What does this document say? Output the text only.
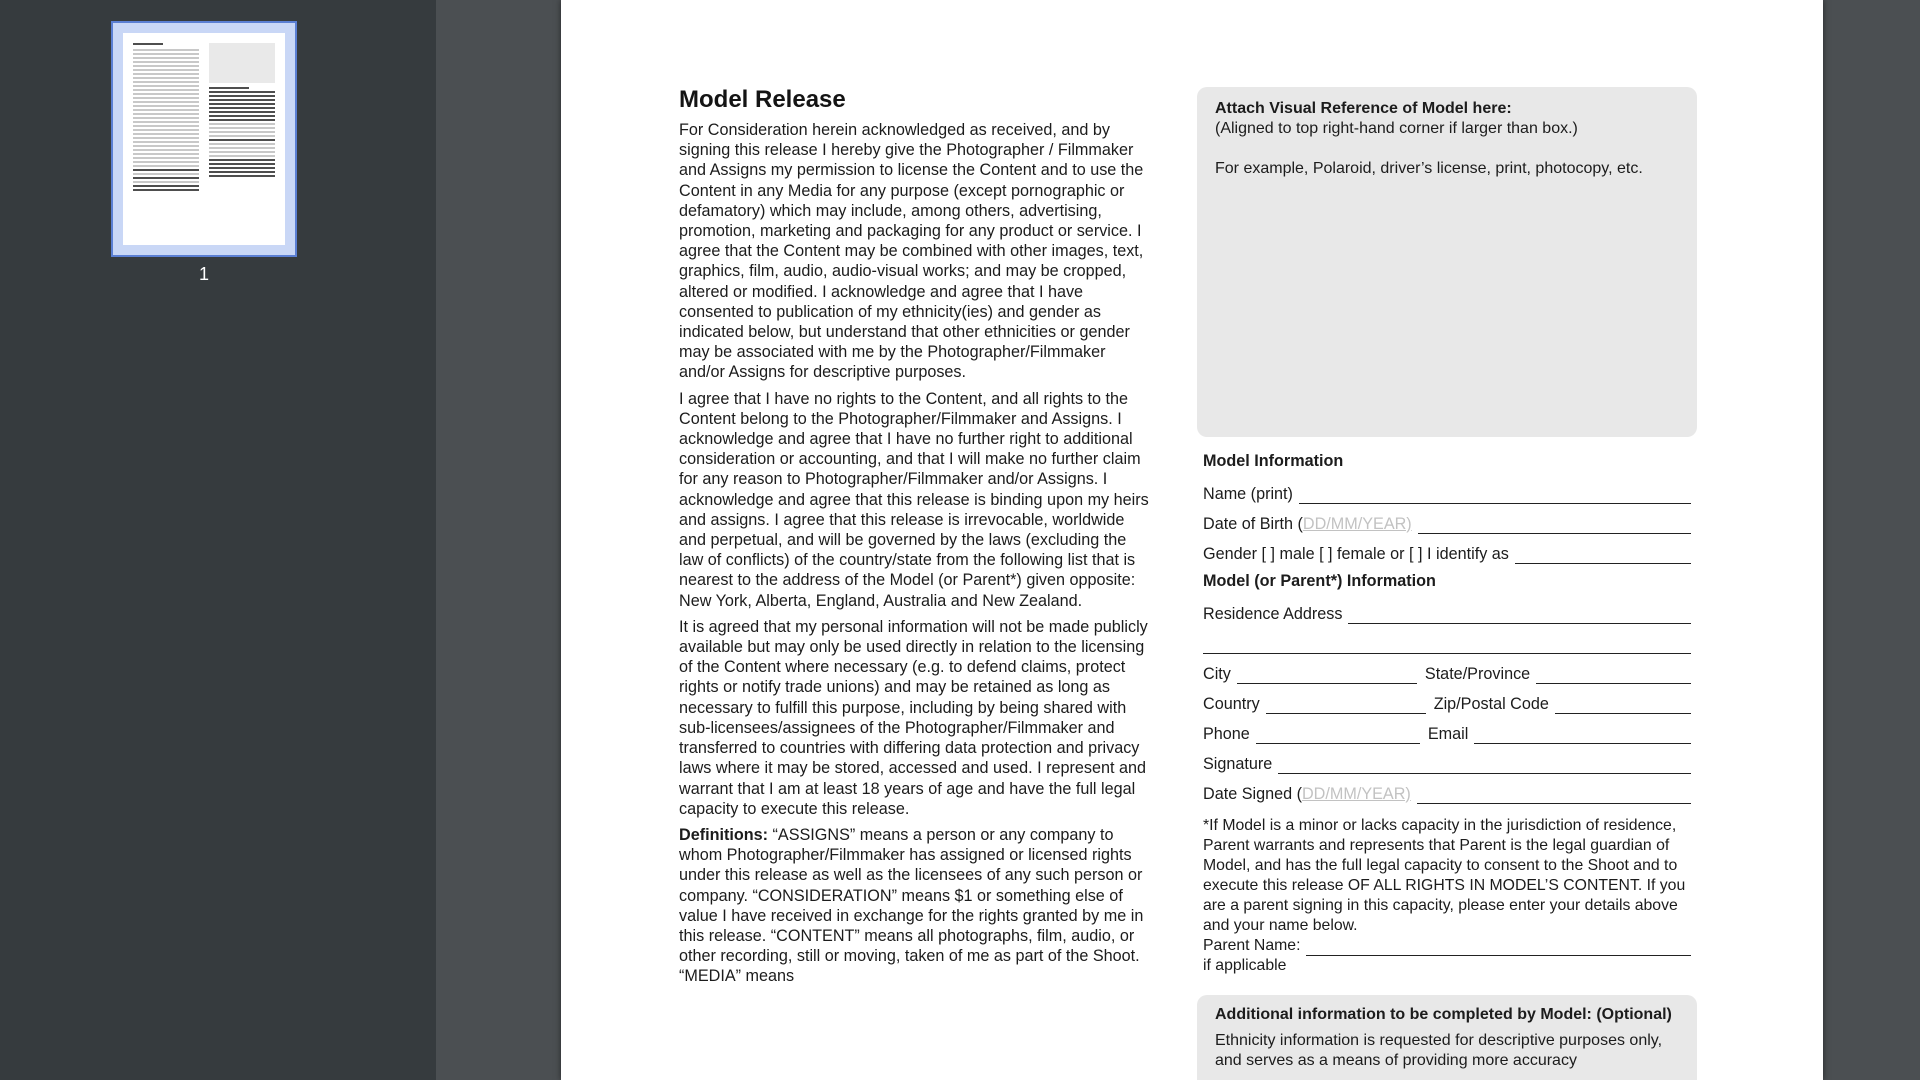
1
Model Release

For Consideration herein acknowledged as received, and by signing this release I hereby give the Photographer / Filmmaker and Assigns my permission to license the Content and to use the Content in any Media for any purpose (except pornographic or defamatory) which may include, among others, advertising, promotion, marketing and packaging for any product or service. I agree that the Content may be combined with other images, text, graphics, film, audio, audio-visual works; and may be cropped, altered or modified. I acknowledge and agree that I have consented to publication of my ethnicity(ies) and gender as indicated below, but understand that other ethnicities or gender may be associated with me by the Photographer/Filmmaker and/or Assigns for descriptive purposes.

I agree that I have no rights to the Content, and all rights to the Content belong to the Photographer/Filmmaker and Assigns. I acknowledge and agree that I have no further right to additional consideration or accounting, and that I will make no further claim for any reason to Photographer/Filmmaker and/or Assigns. I acknowledge and agree that this release is binding upon my heirs and assigns. I agree that this release is irrevocable, worldwide and perpetual, and will be governed by the laws (excluding the law of conflicts) of the country/state from the following list that is nearest to the address of the Model (or Parent*) given opposite: New York, Alberta, England, Australia and New Zealand.

It is agreed that my personal information will not be made publicly available but may only be used directly in relation to the licensing of the Content where necessary (e.g. to defend claims, protect rights or notify trade unions) and may be retained as long as necessary to fulfill this purpose, including by being shared with sub-licensees/assignees of the Photographer/Filmmaker and transferred to countries with differing data protection and privacy laws where it may be stored, accessed and used. I represent and warrant that I am at least 18 years of age and have the full legal capacity to execute this release.

Definitions: “ASSIGNS” means a person or any company to whom Photographer/Filmmaker has assigned or licensed rights under this release as well as the licensees of any such person or company. “CONSIDERATION” means $1 or something else of value I have received in exchange for the rights granted by me in this release. “CONTENT” means all photographs, film, audio, or other recording, still or moving, taken of me as part of the Shoot. “MEDIA” means

Attach Visual Reference of Model here:

(Aligned to top right-hand corner if larger than box.)

For example, Polaroid, driver’s license, print, photocopy, etc.

Model Information
Name (print)
Date of Birth (DD/MM/YEAR)
Gender [ ] male [ ] female or [ ] I identify as
Model (or Parent*) Information
Residence Address
City	State/Province
Country	Zip/Postal Code
Phone	Email
Signature
Date Signed (DD/MM/YEAR)

*If Model is a minor or lacks capacity in the jurisdiction of residence, Parent warrants and represents that Parent is the legal guardian of Model, and has the full legal capacity to consent to the Shoot and to execute this release OF ALL RIGHTS IN MODEL’S CONTENT. If you are a parent signing in this capacity, please enter your details above and your name below.

Parent Name:

if applicable

Additional information to be completed by Model: (Optional)

Ethnicity information is requested for descriptive purposes only, and serves as a means of providing more accuracy
